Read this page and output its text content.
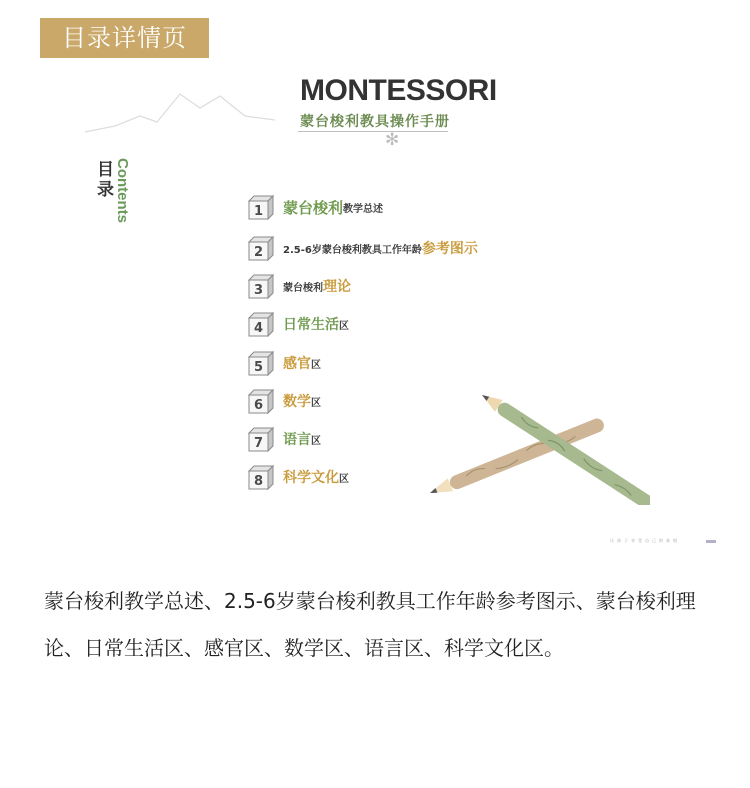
目录详情页
MONTESSORI
蒙台梭利教具操作手册
✻
目录 Contents	1 蒙台梭利 教学总述
2 2.5-6岁蒙台梭利教具工作年龄 参考图示
3 蒙台梭利 理论
4 日常生活 区
5 感官 区
6 数学 区
7 语言 区
8 科学文化 区
让孩子享受自己的真相
蒙台梭利教学总述、2.5-6岁蒙台梭利教具工作年龄参考图示、蒙台梭利理论、日常生活区、感官区、数学区、语言区、科学文化区。
